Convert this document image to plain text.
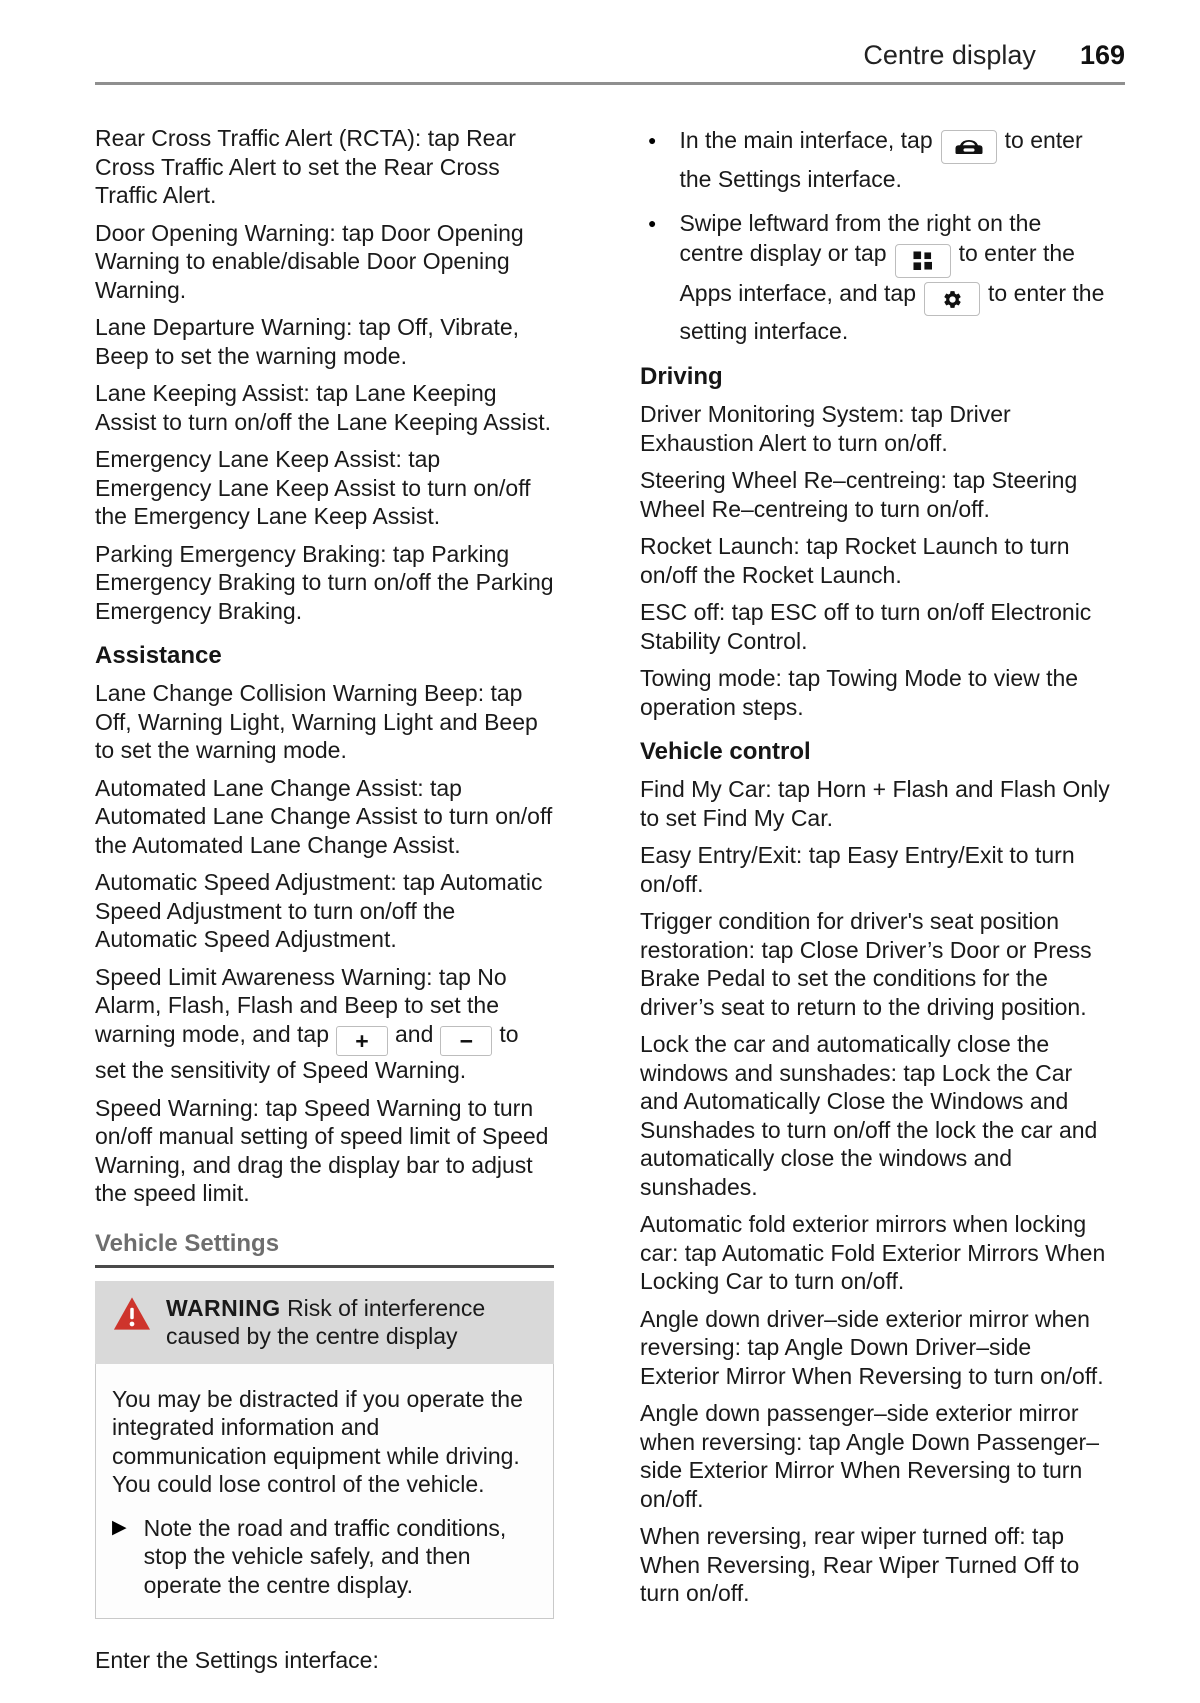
Centre display 169

Rear Cross Traffic Alert (RCTA): tap Rear Cross Traffic Alert to set the Rear Cross Traffic Alert.

Door Opening Warning: tap Door Opening Warning to enable/disable Door Opening Warning.

Lane Departure Warning: tap Off, Vibrate, Beep to set the warning mode.

Lane Keeping Assist: tap Lane Keeping Assist to turn on/off the Lane Keeping Assist.

Emergency Lane Keep Assist: tap Emergency Lane Keep Assist to turn on/off the Emergency Lane Keep Assist.

Parking Emergency Braking: tap Parking Emergency Braking to turn on/off the Parking Emergency Braking.

Assistance

Lane Change Collision Warning Beep: tap Off, Warning Light, Warning Light and Beep to set the warning mode.

Automated Lane Change Assist: tap Automated Lane Change Assist to turn on/off the Automated Lane Change Assist.

Automatic Speed Adjustment: tap Automatic Speed Adjustment to turn on/off the Automatic Speed Adjustment.

Speed Limit Awareness Warning: tap No Alarm, Flash, Flash and Beep to set the warning mode, and tap + and − to set the sensitivity of Speed Warning.

Speed Warning: tap Speed Warning to turn on/off manual setting of speed limit of Speed Warning, and drag the display bar to adjust the speed limit.

Vehicle Settings
WARNING Risk of interference caused by the centre display

You may be distracted if you operate the integrated information and communication equipment while driving. You could lose control of the vehicle.

▶ Note the road and traffic conditions, stop the vehicle safely, and then operate the centre display.
Enter the Settings interface:
● In the main interface, tap	to enter the Settings interface.
● Swipe leftward from the right on the centre display or tap	to enter the Apps interface, and tap	to enter the setting interface.
Driving

Driver Monitoring System: tap Driver Exhaustion Alert to turn on/off.

Steering Wheel Re–centreing: tap Steering Wheel Re–centreing to turn on/off.

Rocket Launch: tap Rocket Launch to turn on/off the Rocket Launch.

ESC off: tap ESC off to turn on/off Electronic Stability Control.

Towing mode: tap Towing Mode to view the operation steps.

Vehicle control

Find My Car: tap Horn + Flash and Flash Only to set Find My Car.

Easy Entry/Exit: tap Easy Entry/Exit to turn on/off.

Trigger condition for driver's seat position restoration: tap Close Driver’s Door or Press Brake Pedal to set the conditions for the driver’s seat to return to the driving position.

Lock the car and automatically close the windows and sunshades: tap Lock the Car and Automatically Close the Windows and Sunshades to turn on/off the lock the car and automatically close the windows and sunshades.

Automatic fold exterior mirrors when locking car: tap Automatic Fold Exterior Mirrors When Locking Car to turn on/off.

Angle down driver–side exterior mirror when reversing: tap Angle Down Driver–side Exterior Mirror When Reversing to turn on/off.

Angle down passenger–side exterior mirror when reversing: tap Angle Down Passenger–side Exterior Mirror When Reversing to turn on/off.

When reversing, rear wiper turned off: tap When Reversing, Rear Wiper Turned Off to turn on/off.
